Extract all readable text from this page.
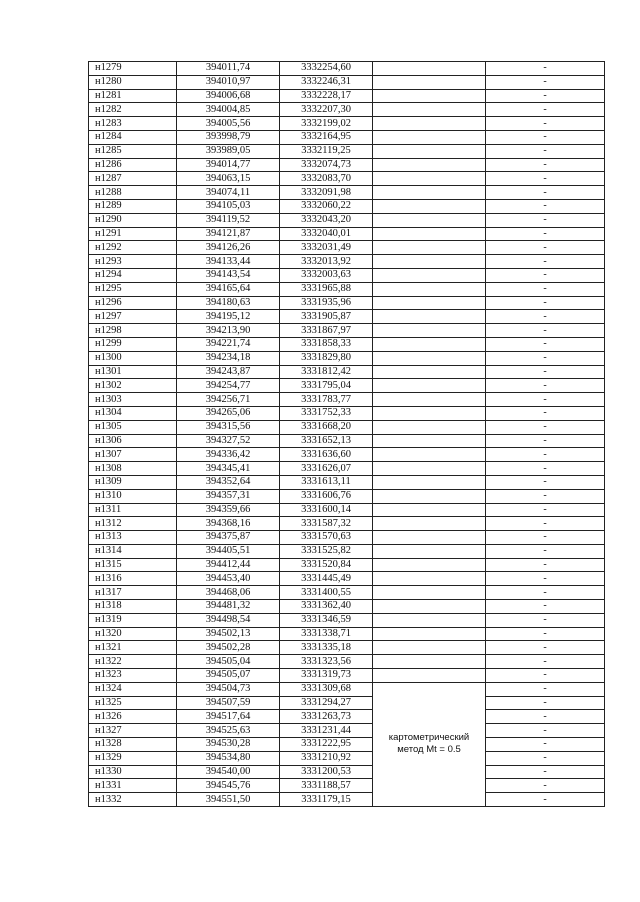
н1279	394011,74	3332254,60		-
н1280	394010,97	3332246,31		-
н1281	394006,68	3332228,17		-
н1282	394004,85	3332207,30		-
н1283	394005,56	3332199,02		-
н1284	393998,79	3332164,95		-
н1285	393989,05	3332119,25		-
н1286	394014,77	3332074,73		-
н1287	394063,15	3332083,70		-
н1288	394074,11	3332091,98		-
н1289	394105,03	3332060,22		-
н1290	394119,52	3332043,20		-
н1291	394121,87	3332040,01		-
н1292	394126,26	3332031,49		-
н1293	394133,44	3332013,92		-
н1294	394143,54	3332003,63		-
н1295	394165,64	3331965,88		-
н1296	394180,63	3331935,96		-
н1297	394195,12	3331905,87		-
н1298	394213,90	3331867,97		-
н1299	394221,74	3331858,33		-
н1300	394234,18	3331829,80		-
н1301	394243,87	3331812,42		-
н1302	394254,77	3331795,04		-
н1303	394256,71	3331783,77		-
н1304	394265,06	3331752,33		-
н1305	394315,56	3331668,20		-
н1306	394327,52	3331652,13		-
н1307	394336,42	3331636,60		-
н1308	394345,41	3331626,07		-
н1309	394352,64	3331613,11		-
н1310	394357,31	3331606,76		-
н1311	394359,66	3331600,14		-
н1312	394368,16	3331587,32		-
н1313	394375,87	3331570,63		-
н1314	394405,51	3331525,82		-
н1315	394412,44	3331520,84		-
н1316	394453,40	3331445,49		-
н1317	394468,06	3331400,55		-
н1318	394481,32	3331362,40		-
н1319	394498,54	3331346,59		-
н1320	394502,13	3331338,71		-
н1321	394502,28	3331335,18		-
н1322	394505,04	3331323,56		-
н1323	394505,07	3331319,73		-
н1324	394504,73	3331309,68	картометрический метод Mt = 0.5	-
н1325	394507,59	3331294,27		-
н1326	394517,64	3331263,73		-
н1327	394525,63	3331231,44		-
н1328	394530,28	3331222,95		-
н1329	394534,80	3331210,92		-
н1330	394540,00	3331200,53		-
н1331	394545,76	3331188,57		-
н1332	394551,50	3331179,15		-
